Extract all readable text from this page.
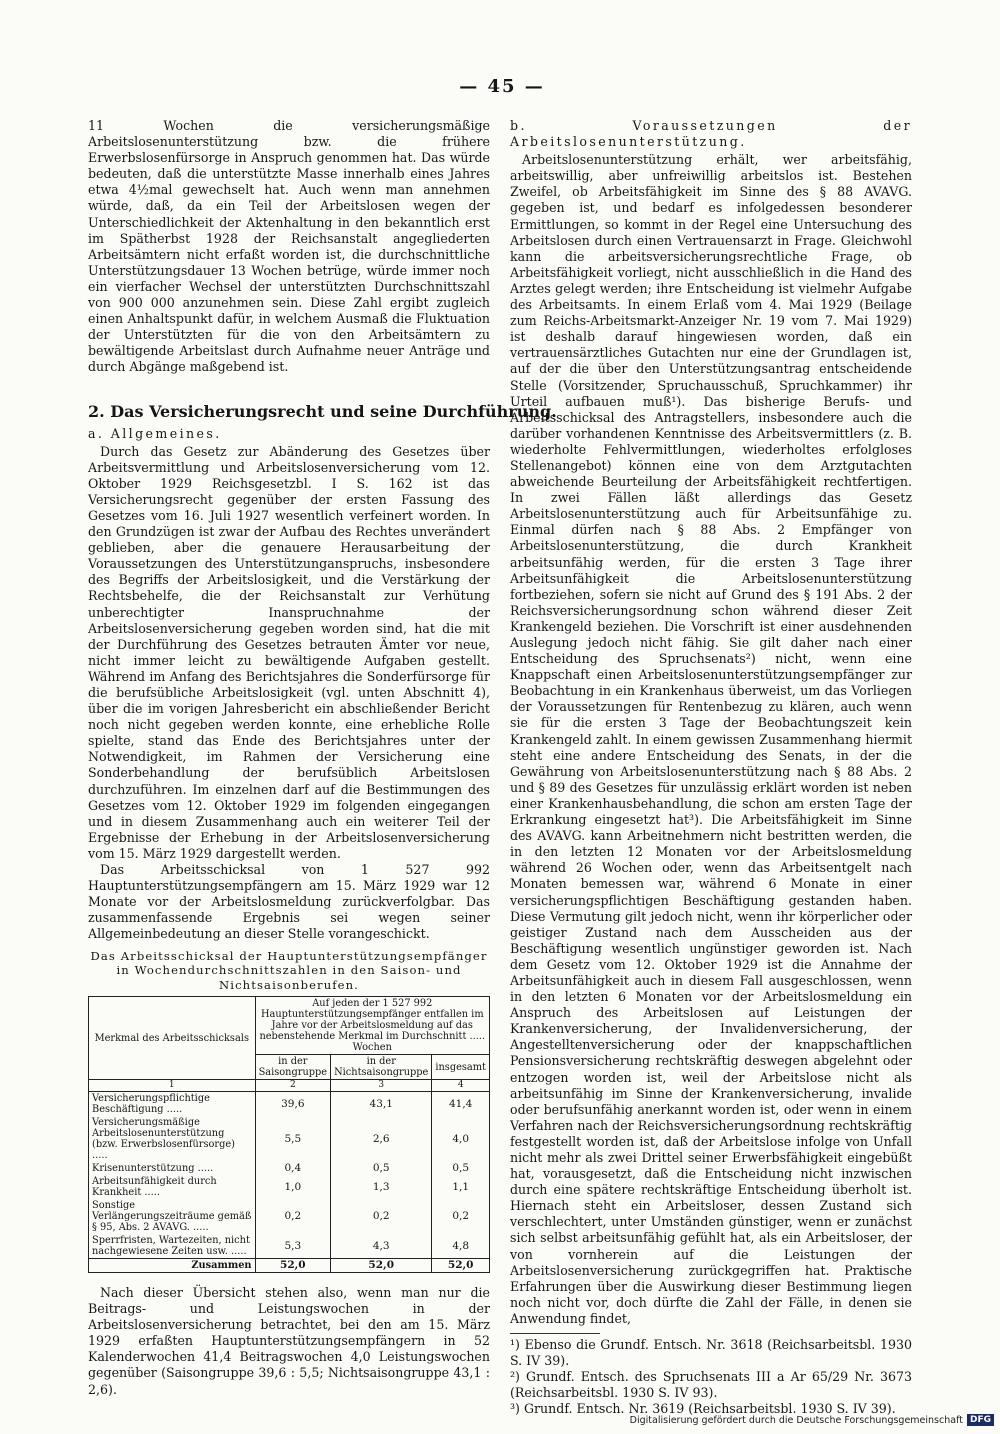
— 45 —

11 Wochen die versicherungsmäßige Arbeitslosenunterstützung bzw. die frühere Erwerbslosenfürsorge in Anspruch genommen hat. Das würde bedeuten, daß die unterstützte Masse innerhalb eines Jahres etwa 4½mal gewechselt hat. Auch wenn man annehmen würde, daß, da ein Teil der Arbeitslosen wegen der Unterschiedlichkeit der Aktenhaltung in den bekanntlich erst im Spätherbst 1928 der Reichsanstalt angegliederten Arbeitsämtern nicht erfaßt worden ist, die durchschnittliche Unterstützungsdauer 13 Wochen betrüge, würde immer noch ein vierfacher Wechsel der unterstützten Durchschnittszahl von 900 000 anzunehmen sein. Diese Zahl ergibt zugleich einen Anhaltspunkt dafür, in welchem Ausmaß die Fluktuation der Unterstützten für die von den Arbeitsämtern zu bewältigende Arbeitslast durch Aufnahme neuer Anträge und durch Abgänge maßgebend ist.

2. Das Versicherungsrecht und seine Durchführung.

a. Allgemeines.

Durch das Gesetz zur Abänderung des Gesetzes über Arbeitsvermittlung und Arbeitslosenversicherung vom 12. Oktober 1929 Reichsgesetzbl. I S. 162 ist das Versicherungsrecht gegenüber der ersten Fassung des Gesetzes vom 16. Juli 1927 wesentlich verfeinert worden. In den Grundzügen ist zwar der Aufbau des Rechtes unverändert geblieben, aber die genauere Herausarbeitung der Voraussetzungen des Unterstützunganspruchs, insbesondere des Begriffs der Arbeitslosigkeit, und die Verstärkung der Rechtsbehelfe, die der Reichsanstalt zur Verhütung unberechtigter Inanspruchnahme der Arbeitslosenversicherung gegeben worden sind, hat die mit der Durchführung des Gesetzes betrauten Ämter vor neue, nicht immer leicht zu bewältigende Aufgaben gestellt. Während im Anfang des Berichtsjahres die Sonderfürsorge für die berufsübliche Arbeitslosigkeit (vgl. unten Abschnitt 4), über die im vorigen Jahresbericht ein abschließender Bericht noch nicht gegeben werden konnte, eine erhebliche Rolle spielte, stand das Ende des Berichtsjahres unter der Notwendigkeit, im Rahmen der Versicherung eine Sonderbehandlung der berufsüblich Arbeitslosen durchzuführen. Im einzelnen darf auf die Bestimmungen des Gesetzes vom 12. Oktober 1929 im folgenden eingegangen und in diesem Zusammenhang auch ein weiterer Teil der Ergebnisse der Erhebung in der Arbeitslosenversicherung vom 15. März 1929 dargestellt werden.

Das Arbeitsschicksal von 1 527 992 Hauptunterstützungsempfängern am 15. März 1929 war 12 Monate vor der Arbeitslosmeldung zurückverfolgbar. Das zusammenfassende Ergebnis sei wegen seiner Allgemeinbedeutung an dieser Stelle vorangeschickt.

Das Arbeitsschicksal der Hauptunterstützungsempfänger in Wochendurchschnittszahlen in den Saison- und Nichtsaisonberufen.

Merkmal des Arbeitsschicksals	Auf jeden der 1 527 992 Hauptunterstützungsempfänger entfallen im Jahre vor der Arbeitslosmeldung auf das nebenstehende Merkmal im Durchschnitt ..... Wochen		
	in der Saisongruppe	in der Nichtsaisongruppe	insgesamt
1	2	3	4
Versicherungspflichtige Beschäftigung .....	39,6	43,1	41,4
Versicherungsmäßige Arbeitslosenunterstützung (bzw. Erwerbslosenfürsorge) .....	5,5	2,6	4,0
Krisenunterstützung .....	0,4	0,5	0,5
Arbeitsunfähigkeit durch Krankheit .....	1,0	1,3	1,1
Sonstige Verlängerungszeiträume gemäß § 95, Abs. 2 AVAVG. .....	0,2	0,2	0,2
Sperrfristen, Wartezeiten, nicht nachgewiesene Zeiten usw. .....	5,3	4,3	4,8
Zusammen	52,0	52,0	52,0

Nach dieser Übersicht stehen also, wenn man nur die Beitrags- und Leistungswochen in der Arbeitslosenversicherung betrachtet, bei den am 15. März 1929 erfaßten Hauptunterstützungsempfängern in 52 Kalenderwochen 41,4 Beitragswochen 4,0 Leistungswochen gegenüber (Saisongruppe 39,6 : 5,5; Nichtsaisongruppe 43,1 : 2,6).

b. Voraussetzungen der Arbeitslosenunterstützung.

Arbeitslosenunterstützung erhält, wer arbeitsfähig, arbeitswillig, aber unfreiwillig arbeitslos ist. Bestehen Zweifel, ob Arbeitsfähigkeit im Sinne des § 88 AVAVG. gegeben ist, und bedarf es infolgedessen besonderer Ermittlungen, so kommt in der Regel eine Untersuchung des Arbeitslosen durch einen Vertrauensarzt in Frage. Gleichwohl kann die arbeitsversicherungsrechtliche Frage, ob Arbeitsfähigkeit vorliegt, nicht ausschließlich in die Hand des Arztes gelegt werden; ihre Entscheidung ist vielmehr Aufgabe des Arbeitsamts. In einem Erlaß vom 4. Mai 1929 (Beilage zum Reichs-Arbeitsmarkt-Anzeiger Nr. 19 vom 7. Mai 1929) ist deshalb darauf hingewiesen worden, daß ein vertrauensärztliches Gutachten nur eine der Grundlagen ist, auf der die über den Unterstützungsantrag entscheidende Stelle (Vorsitzender, Spruchausschuß, Spruchkammer) ihr Urteil aufbauen muß¹). Das bisherige Berufs- und Arbeitsschicksal des Antragstellers, insbesondere auch die darüber vorhandenen Kenntnisse des Arbeitsvermittlers (z. B. wiederholte Fehlvermittlungen, wiederholtes erfolgloses Stellenangebot) können eine von dem Arztgutachten abweichende Beurteilung der Arbeitsfähigkeit rechtfertigen. In zwei Fällen läßt allerdings das Gesetz Arbeitslosenunterstützung auch für Arbeitsunfähige zu. Einmal dürfen nach § 88 Abs. 2 Empfänger von Arbeitslosenunterstützung, die durch Krankheit arbeitsunfähig werden, für die ersten 3 Tage ihrer Arbeitsunfähigkeit die Arbeitslosenunterstützung fortbeziehen, sofern sie nicht auf Grund des § 191 Abs. 2 der Reichsversicherungsordnung schon während dieser Zeit Krankengeld beziehen. Die Vorschrift ist einer ausdehnenden Auslegung jedoch nicht fähig. Sie gilt daher nach einer Entscheidung des Spruchsenats²) nicht, wenn eine Knappschaft einen Arbeitslosenunterstützungsempfänger zur Beobachtung in ein Krankenhaus überweist, um das Vorliegen der Voraussetzungen für Rentenbezug zu klären, auch wenn sie für die ersten 3 Tage der Beobachtungszeit kein Krankengeld zahlt. In einem gewissen Zusammenhang hiermit steht eine andere Entscheidung des Senats, in der die Gewährung von Arbeitslosenunterstützung nach § 88 Abs. 2 und § 89 des Gesetzes für unzulässig erklärt worden ist neben einer Krankenhausbehandlung, die schon am ersten Tage der Erkrankung eingesetzt hat³). Die Arbeitsfähigkeit im Sinne des AVAVG. kann Arbeitnehmern nicht bestritten werden, die in den letzten 12 Monaten vor der Arbeitslosmeldung während 26 Wochen oder, wenn das Arbeitsentgelt nach Monaten bemessen war, während 6 Monate in einer versicherungspflichtigen Beschäftigung gestanden haben. Diese Vermutung gilt jedoch nicht, wenn ihr körperlicher oder geistiger Zustand nach dem Ausscheiden aus der Beschäftigung wesentlich ungünstiger geworden ist. Nach dem Gesetz vom 12. Oktober 1929 ist die Annahme der Arbeitsunfähigkeit auch in diesem Fall ausgeschlossen, wenn in den letzten 6 Monaten vor der Arbeitslosmeldung ein Anspruch des Arbeitslosen auf Leistungen der Krankenversicherung, der Invalidenversicherung, der Angestelltenversicherung oder der knappschaftlichen Pensionsversicherung rechtskräftig deswegen abgelehnt oder entzogen worden ist, weil der Arbeitslose nicht als arbeitsunfähig im Sinne der Krankenversicherung, invalide oder berufsunfähig anerkannt worden ist, oder wenn in einem Verfahren nach der Reichsversicherungsordnung rechtskräftig festgestellt worden ist, daß der Arbeitslose infolge von Unfall nicht mehr als zwei Drittel seiner Erwerbsfähigkeit eingebüßt hat, vorausgesetzt, daß die Entscheidung nicht inzwischen durch eine spätere rechtskräftige Entscheidung überholt ist. Hiernach steht ein Arbeitsloser, dessen Zustand sich verschlechtert, unter Umständen günstiger, wenn er zunächst sich selbst arbeitsunfähig gefühlt hat, als ein Arbeitsloser, der von vornherein auf die Leistungen der Arbeitslosenversicherung zurückgegriffen hat. Praktische Erfahrungen über die Auswirkung dieser Bestimmung liegen noch nicht vor, doch dürfte die Zahl der Fälle, in denen sie Anwendung findet,

¹) Ebenso die Grundf. Entsch. Nr. 3618 (Reichsarbeitsbl. 1930 S. IV 39).

²) Grundf. Entsch. des Spruchsenats III a Ar 65/29 Nr. 3673 (Reichsarbeitsbl. 1930 S. IV 93).

³) Grundf. Entsch. Nr. 3619 (Reichsarbeitsbl. 1930 S. IV 39).

Digitalisierung gefördert durch die Deutsche Forschungsgemeinschaft DFG
